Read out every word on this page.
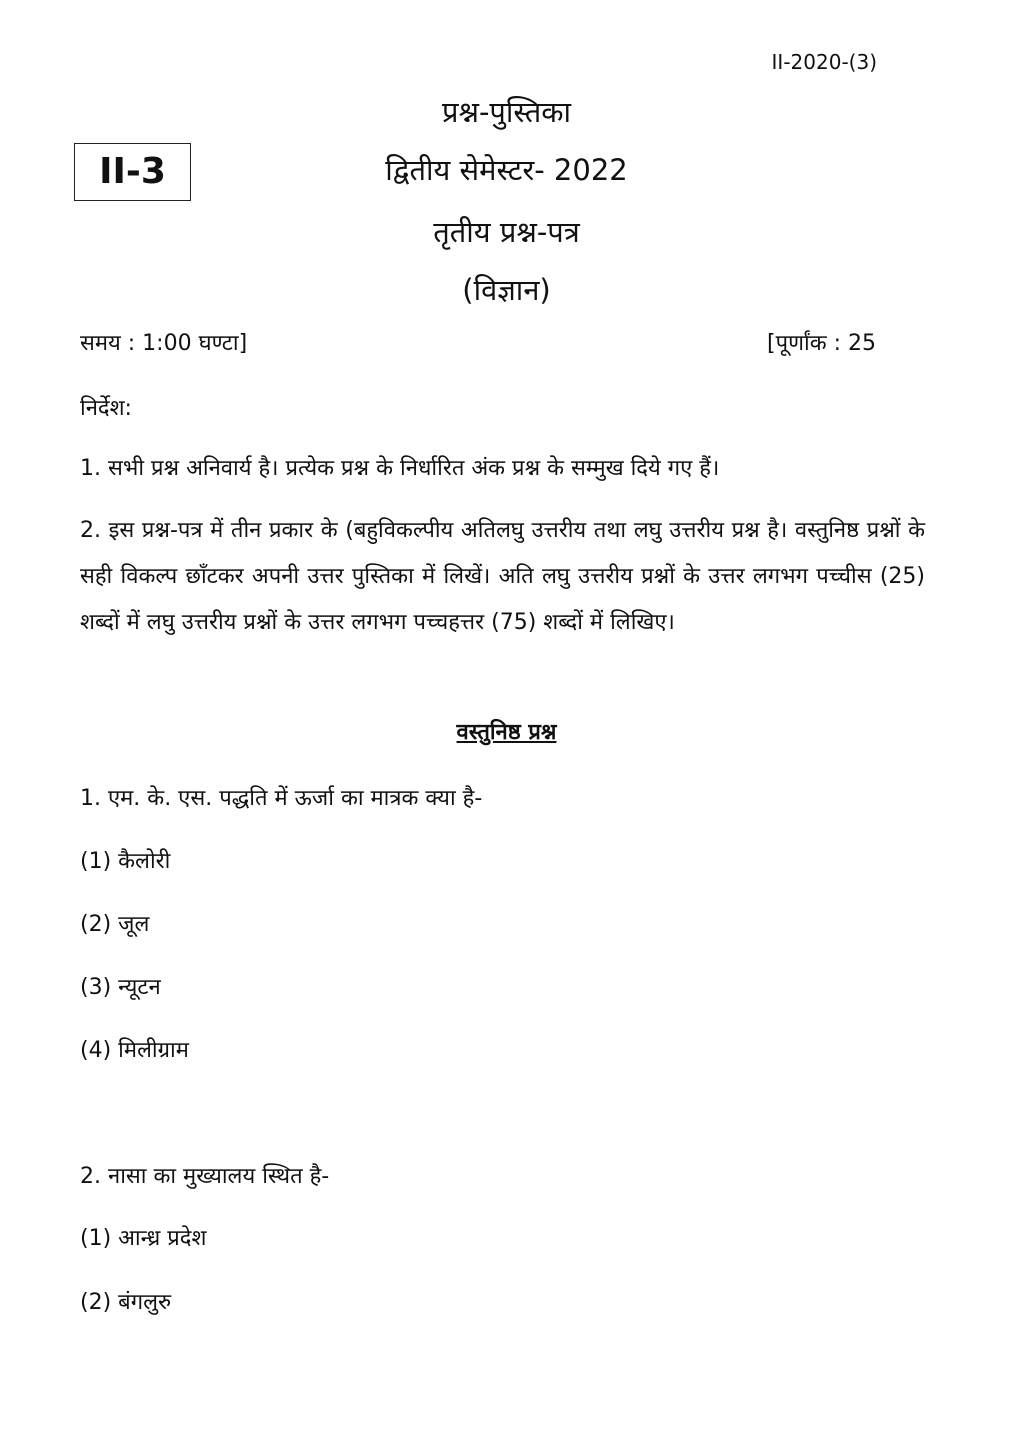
II-2020-(3)
II-3
प्रश्न-पुस्तिका
द्वितीय सेमेस्टर- 2022
तृतीय प्रश्न-पत्र
(विज्ञान)
समय : 1:00 घण्टा]	[पूर्णांक : 25
निर्देश:
1. सभी प्रश्न अनिवार्य है। प्रत्येक प्रश्न के निर्धारित अंक प्रश्न के सम्मुख दिये गए हैं।
2. इस प्रश्न-पत्र में तीन प्रकार के (बहुविकल्पीय अतिलघु उत्तरीय तथा लघु उत्तरीय प्रश्न है। वस्तुनिष्ठ प्रश्नों के सही विकल्प छाँटकर अपनी उत्तर पुस्तिका में लिखें। अति लघु उत्तरीय प्रश्नों के उत्तर लगभग पच्चीस (25) शब्दों में लघु उत्तरीय प्रश्नों के उत्तर लगभग पच्चहत्तर (75) शब्दों में लिखिए।
वस्तुनिष्ठ प्रश्न
1. एम. के. एस. पद्धति में ऊर्जा का मात्रक क्या है-
(1) कैलोरी
(2) जूल
(3) न्यूटन
(4) मिलीग्राम
2. नासा का मुख्यालय स्थित है-
(1) आन्ध्र प्रदेश
(2) बंगलुरु
